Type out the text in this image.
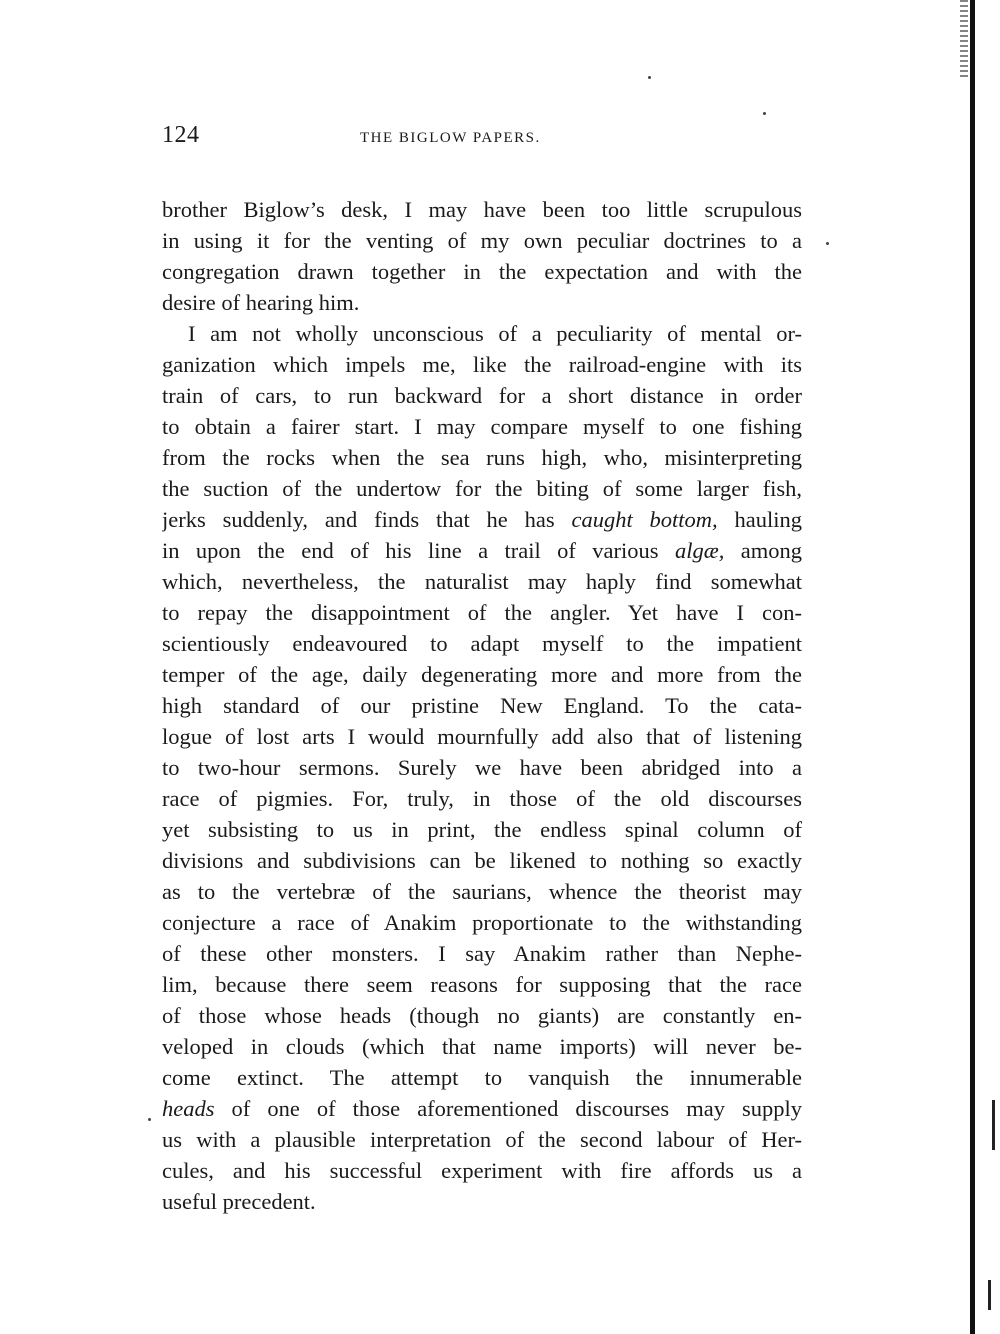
124	THE BIGLOW PAPERS.
brother Biglow’s desk, I may have been too little scrupulous
in using it for the venting of my own peculiar doctrines to a
congregation drawn together in the expectation and with the
desire of hearing him.
I am not wholly unconscious of a peculiarity of mental or-
ganization which impels me, like the railroad-engine with its
train of cars, to run backward for a short distance in order
to obtain a fairer start. I may compare myself to one fishing
from the rocks when the sea runs high, who, misinterpreting
the suction of the undertow for the biting of some larger fish,
jerks suddenly, and finds that he has caught bottom, hauling
in upon the end of his line a trail of various algæ, among
which, nevertheless, the naturalist may haply find somewhat
to repay the disappointment of the angler. Yet have I con-
scientiously endeavoured to adapt myself to the impatient
temper of the age, daily degenerating more and more from the
high standard of our pristine New England. To the cata-
logue of lost arts I would mournfully add also that of listening
to two-hour sermons. Surely we have been abridged into a
race of pigmies. For, truly, in those of the old discourses
yet subsisting to us in print, the endless spinal column of
divisions and subdivisions can be likened to nothing so exactly
as to the vertebræ of the saurians, whence the theorist may
conjecture a race of Anakim proportionate to the withstanding
of these other monsters. I say Anakim rather than Nephe-
lim, because there seem reasons for supposing that the race
of those whose heads (though no giants) are constantly en-
veloped in clouds (which that name imports) will never be-
come extinct. The attempt to vanquish the innumerable
heads of one of those aforementioned discourses may supply
us with a plausible interpretation of the second labour of Her-
cules, and his successful experiment with fire affords us a
useful precedent.
